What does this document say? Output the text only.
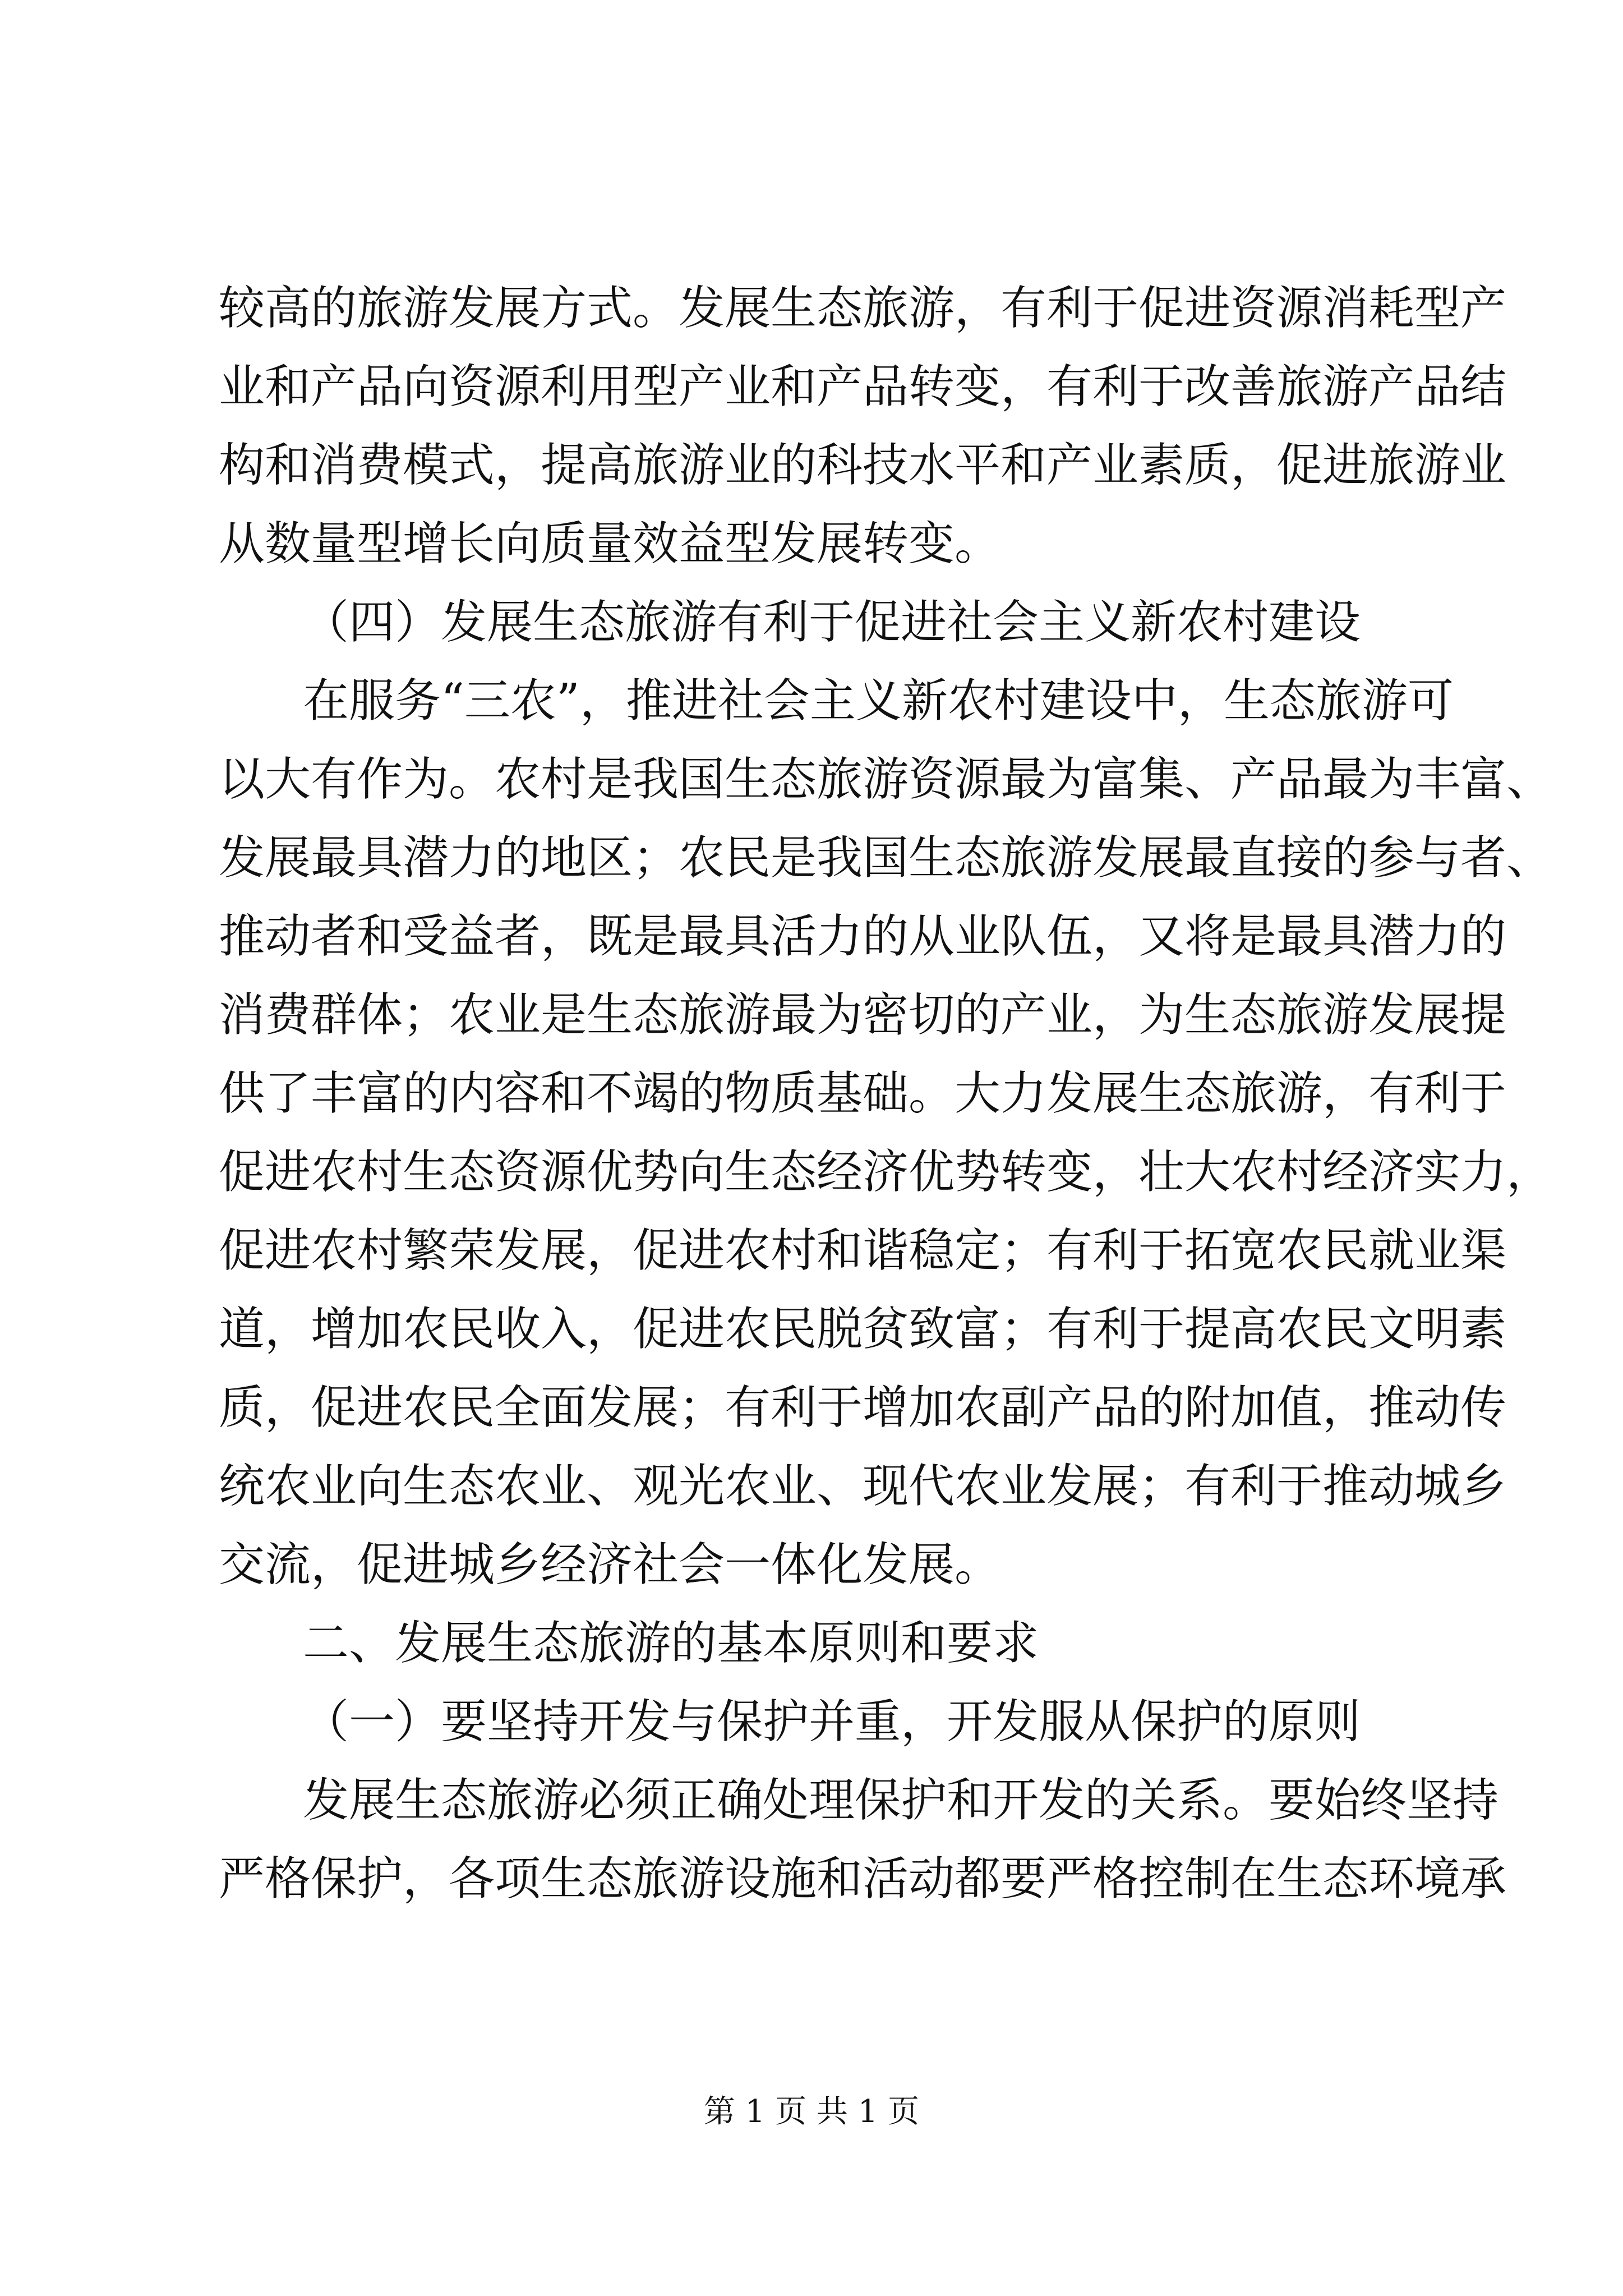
较高的旅游发展方式。发展生态旅游，有利于促进资源消耗型产
业和产品向资源利用型产业和产品转变，有利于改善旅游产品结
构和消费模式，提高旅游业的科技水平和产业素质，促进旅游业
从数量型增长向质量效益型发展转变。
（四）发展生态旅游有利于促进社会主义新农村建设
在服务“三农”，推进社会主义新农村建设中，生态旅游可
以大有作为。农村是我国生态旅游资源最为富集、产品最为丰富、
发展最具潜力的地区；农民是我国生态旅游发展最直接的参与者、
推动者和受益者，既是最具活力的从业队伍，又将是最具潜力的
消费群体；农业是生态旅游最为密切的产业，为生态旅游发展提
供了丰富的内容和不竭的物质基础。大力发展生态旅游，有利于
促进农村生态资源优势向生态经济优势转变，壮大农村经济实力，
促进农村繁荣发展，促进农村和谐稳定；有利于拓宽农民就业渠
道，增加农民收入，促进农民脱贫致富；有利于提高农民文明素
质，促进农民全面发展；有利于增加农副产品的附加值，推动传
统农业向生态农业、观光农业、现代农业发展；有利于推动城乡
交流，促进城乡经济社会一体化发展。
二、发展生态旅游的基本原则和要求
（一）要坚持开发与保护并重，开发服从保护的原则
发展生态旅游必须正确处理保护和开发的关系。要始终坚持
严格保护，各项生态旅游设施和活动都要严格控制在生态环境承
第 1 页 共 1 页
